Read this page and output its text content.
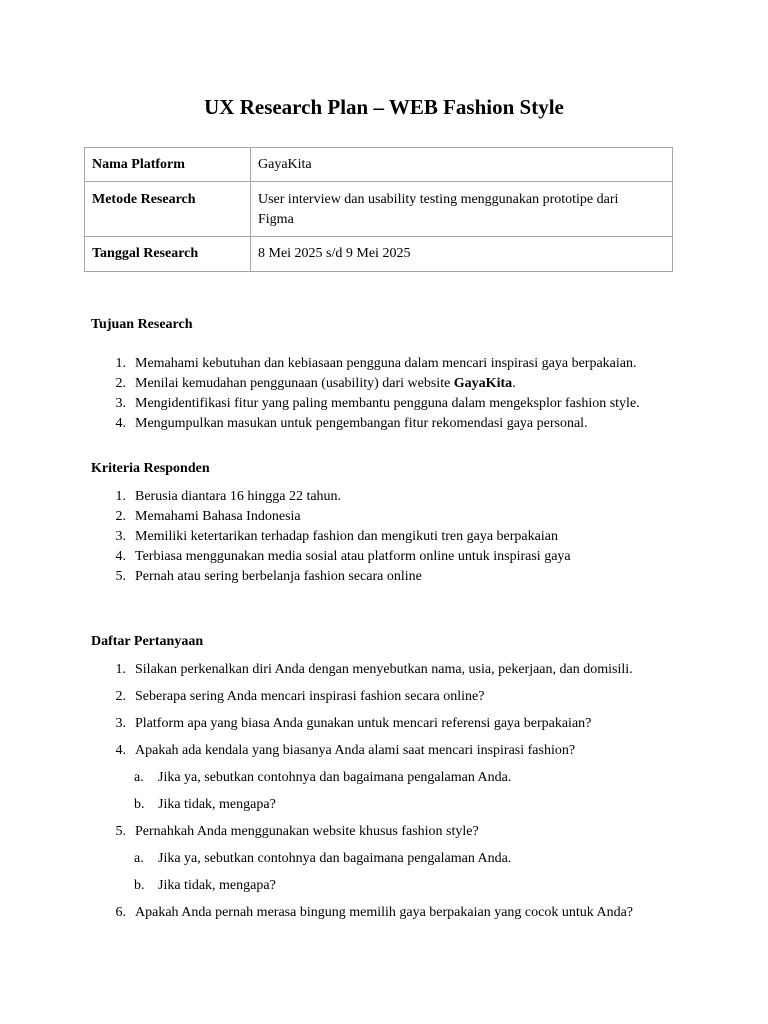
UX Research Plan – WEB Fashion Style
Nama Platform	GayaKita
Metode Research	User interview dan usability testing menggunakan prototipe dari
Figma
Tanggal Research	8 Mei 2025 s/d 9 Mei 2025
Tujuan Research
1. Memahami kebutuhan dan kebiasaan pengguna dalam mencari inspirasi gaya berpakaian.
2. Menilai kemudahan penggunaan (usability) dari website GayaKita.
3. Mengidentifikasi fitur yang paling membantu pengguna dalam mengeksplor fashion style.
4. Mengumpulkan masukan untuk pengembangan fitur rekomendasi gaya personal.
Kriteria Responden
1. Berusia diantara 16 hingga 22 tahun.
2. Memahami Bahasa Indonesia
3. Memiliki ketertarikan terhadap fashion dan mengikuti tren gaya berpakaian
4. Terbiasa menggunakan media sosial atau platform online untuk inspirasi gaya
5. Pernah atau sering berbelanja fashion secara online
Daftar Pertanyaan
1. Silakan perkenalkan diri Anda dengan menyebutkan nama, usia, pekerjaan, dan domisili.
2. Seberapa sering Anda mencari inspirasi fashion secara online?
3. Platform apa yang biasa Anda gunakan untuk mencari referensi gaya berpakaian?
4. Apakah ada kendala yang biasanya Anda alami saat mencari inspirasi fashion?
a.	Jika ya, sebutkan contohnya dan bagaimana pengalaman Anda.
b. Jika tidak, mengapa?
5. Pernahkah Anda menggunakan website khusus fashion style?
a.	Jika ya, sebutkan contohnya dan bagaimana pengalaman Anda.
b. Jika tidak, mengapa?
6. Apakah Anda pernah merasa bingung memilih gaya berpakaian yang cocok untuk Anda?
